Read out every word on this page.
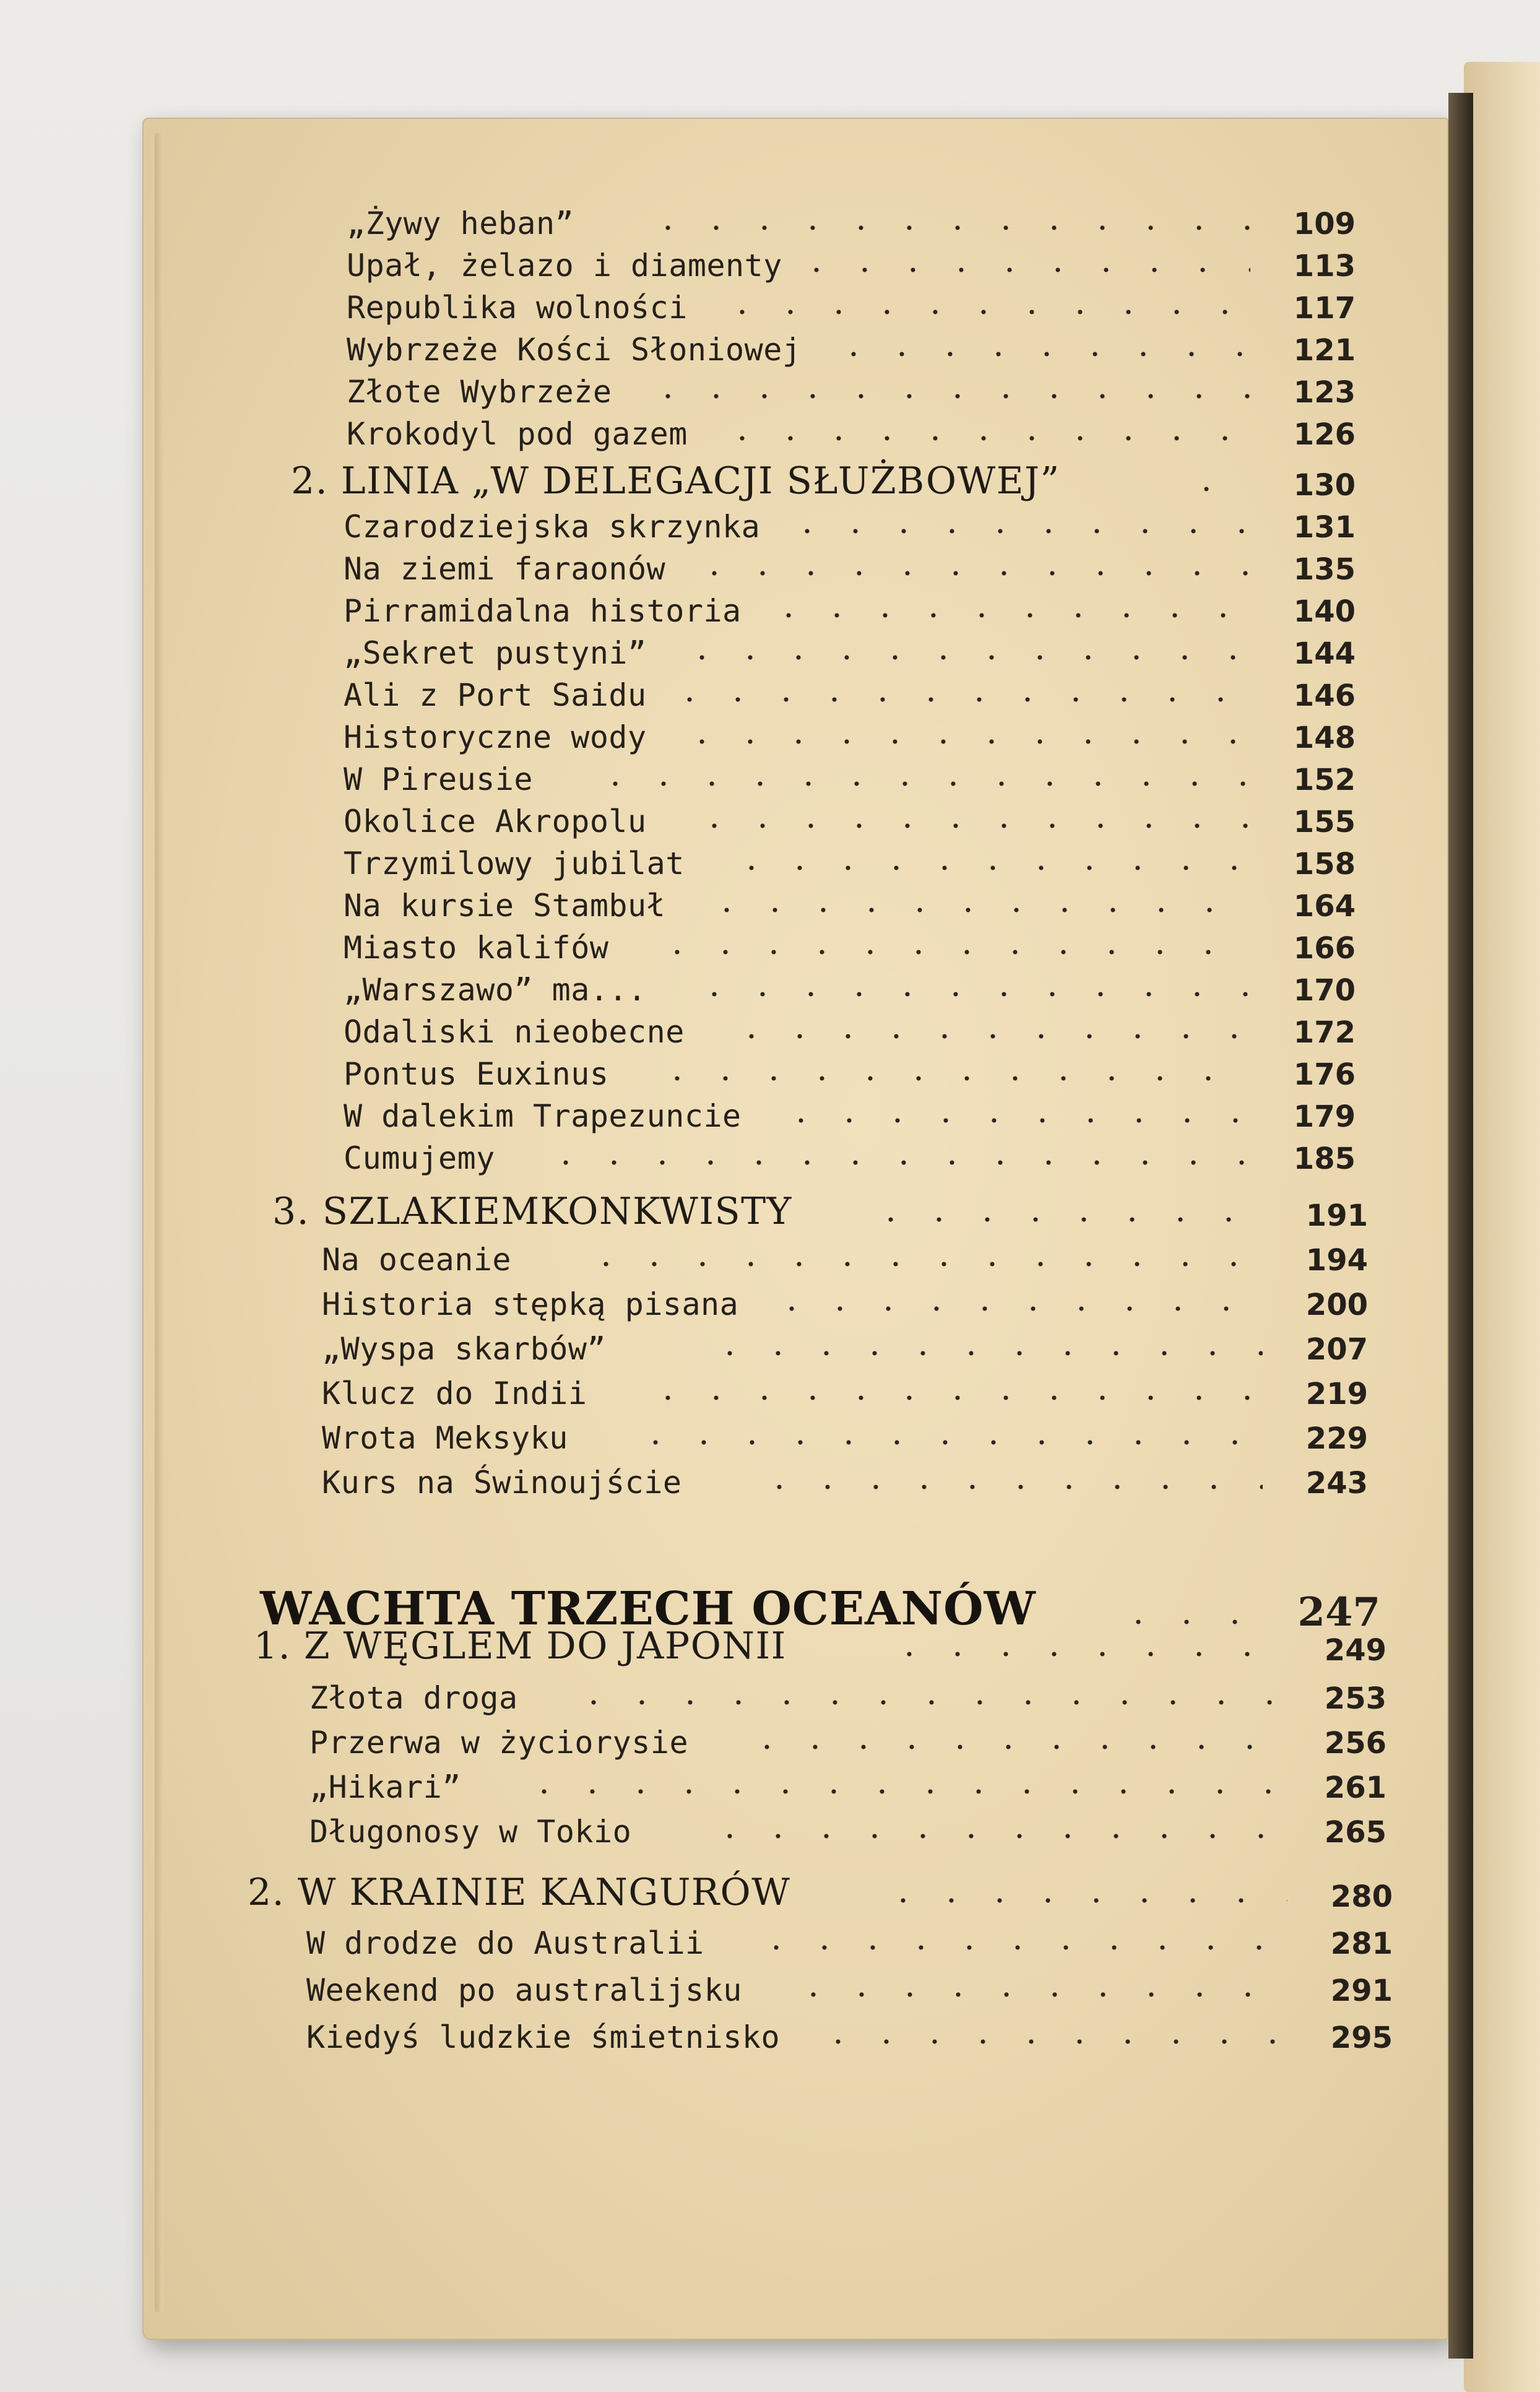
„Żywy heban”	109
Upał, żelazo i diamenty	113
Republika wolności	117
Wybrzeże Kości Słoniowej	121
Złote Wybrzeże	123
Krokodyl pod gazem	126
2. LINIA „W DELEGACJI SŁUŻBOWEJ”	130
Czarodziejska skrzynka	131
Na ziemi faraonów	135
Pirramidalna historia	140
„Sekret pustyni”	144
Ali z Port Saidu	146
Historyczne wody	148
W Pireusie	152
Okolice Akropolu	155
Trzymilowy jubilat	158
Na kursie Stambuł	164
Miasto kalifów	166
„Warszawo” ma...	170
Odaliski nieobecne	172
Pontus Euxinus	176
W dalekim Trapezuncie	179
Cumujemy	185
3. SZLAKIEMKONKWISTY	191
Na oceanie	194
Historia stępką pisana	200
„Wyspa skarbów”	207
Klucz do Indii	219
Wrota Meksyku	229
Kurs na Świnoujście	243
WACHTA TRZECH OCEANÓW	247
1. Z WĘGLEM DO JAPONII	249
Złota droga	253
Przerwa w życiorysie	256
„Hikari”	261
Długonosy w Tokio	265
2. W KRAINIE KANGURÓW	280
W drodze do Australii	281
Weekend po australijsku	291
Kiedyś ludzkie śmietnisko	295
